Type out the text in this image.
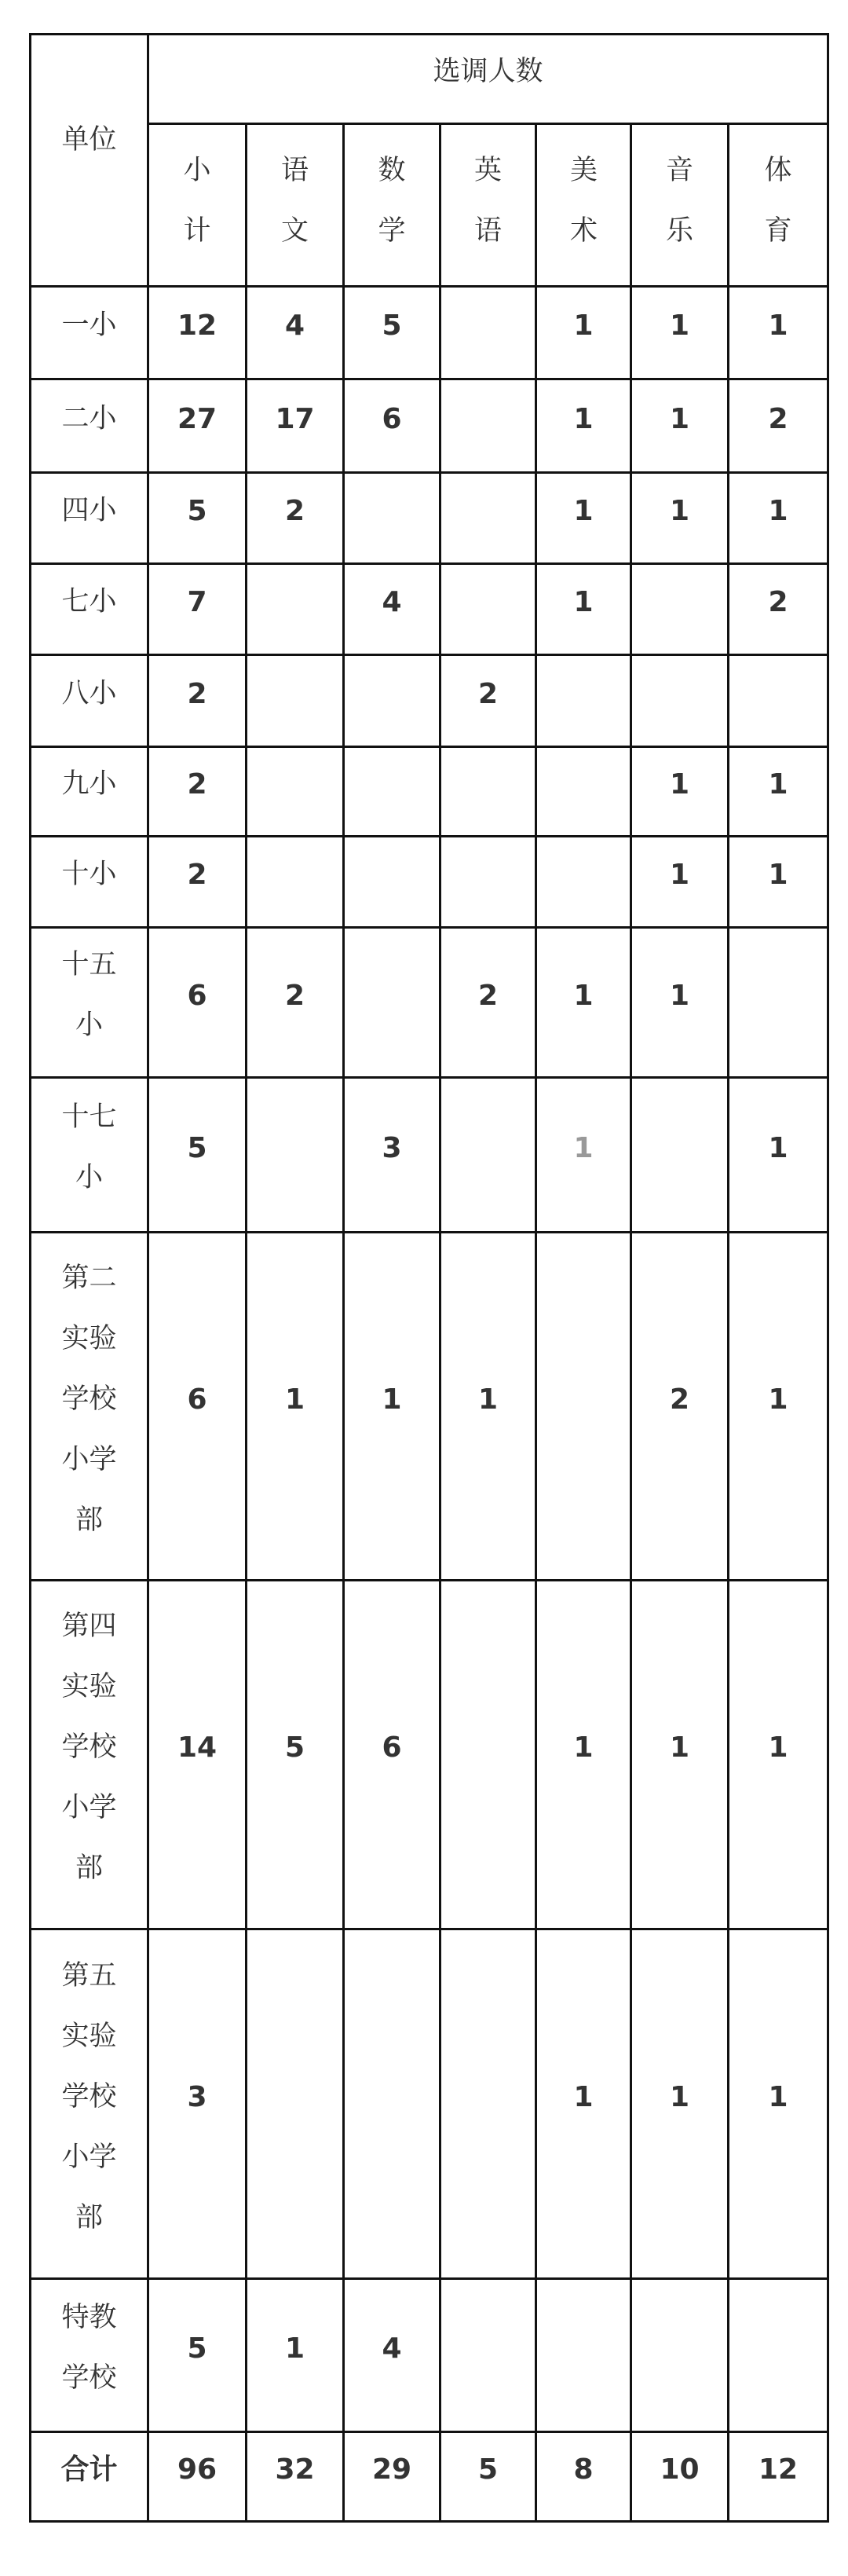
单位	选调人数						
	小计	语文	数学	英语	美术	音乐	体育
一小	12	4	5		1	1	1
二小	27	17	6		1	1	2
四小	5	2			1	1	1
七小	7		4		1		2
八小	2			2			
九小	2					1	1
十小	2					1	1
十五小	6	2		2	1	1	
十七小	5		3		1		1
第二实验学校小学部	6	1	1	1		2	1
第四实验学校小学部	14	5	6		1	1	1
第五实验学校小学部	3				1	1	1
特教学校	5	1	4				
合计	96	32	29	5	8	10	12
